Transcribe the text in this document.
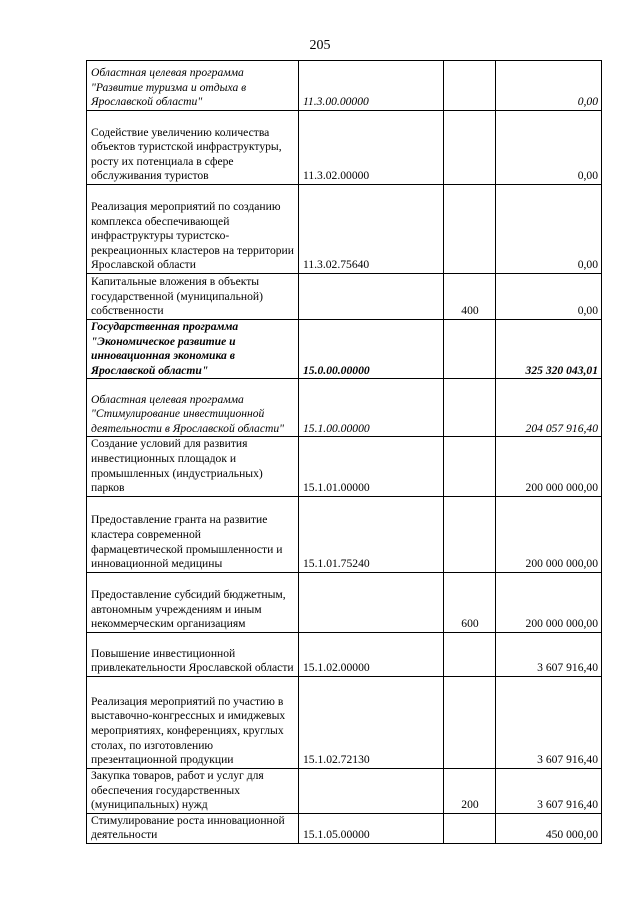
205
Областная целевая программа "Развитие туризма и отдыха в Ярославской области"	11.3.00.00000		0,00
Содействие увеличению количества объектов туристской инфраструктуры, росту их потенциала в сфере обслуживания туристов	11.3.02.00000		0,00
Реализация мероприятий по созданию комплекса обеспечивающей инфраструктуры туристско-рекреационных кластеров на территории Ярославской области	11.3.02.75640		0,00
Капитальные вложения в объекты государственной (муниципальной) собственности		400	0,00
Государственная программа "Экономическое развитие и инновационная экономика в Ярославской области"	15.0.00.00000		325 320 043,01
Областная целевая программа "Стимулирование инвестиционной деятельности в Ярославской области"	15.1.00.00000		204 057 916,40
Создание условий для развития инвестиционных площадок и промышленных (индустриальных) парков	15.1.01.00000		200 000 000,00
Предоставление гранта на развитие кластера современной фармацевтической промышленности и инновационной медицины	15.1.01.75240		200 000 000,00
Предоставление субсидий бюджетным, автономным учреждениям и иным некоммерческим организациям		600	200 000 000,00
Повышение инвестиционной привлекательности Ярославской области	15.1.02.00000		3 607 916,40
Реализация мероприятий по участию в выставочно-конгрессных и имиджевых мероприятиях, конференциях, круглых столах, по изготовлению презентационной продукции	15.1.02.72130		3 607 916,40
Закупка товаров, работ и услуг для обеспечения государственных (муниципальных) нужд		200	3 607 916,40
Стимулирование роста инновационной деятельности	15.1.05.00000		450 000,00
